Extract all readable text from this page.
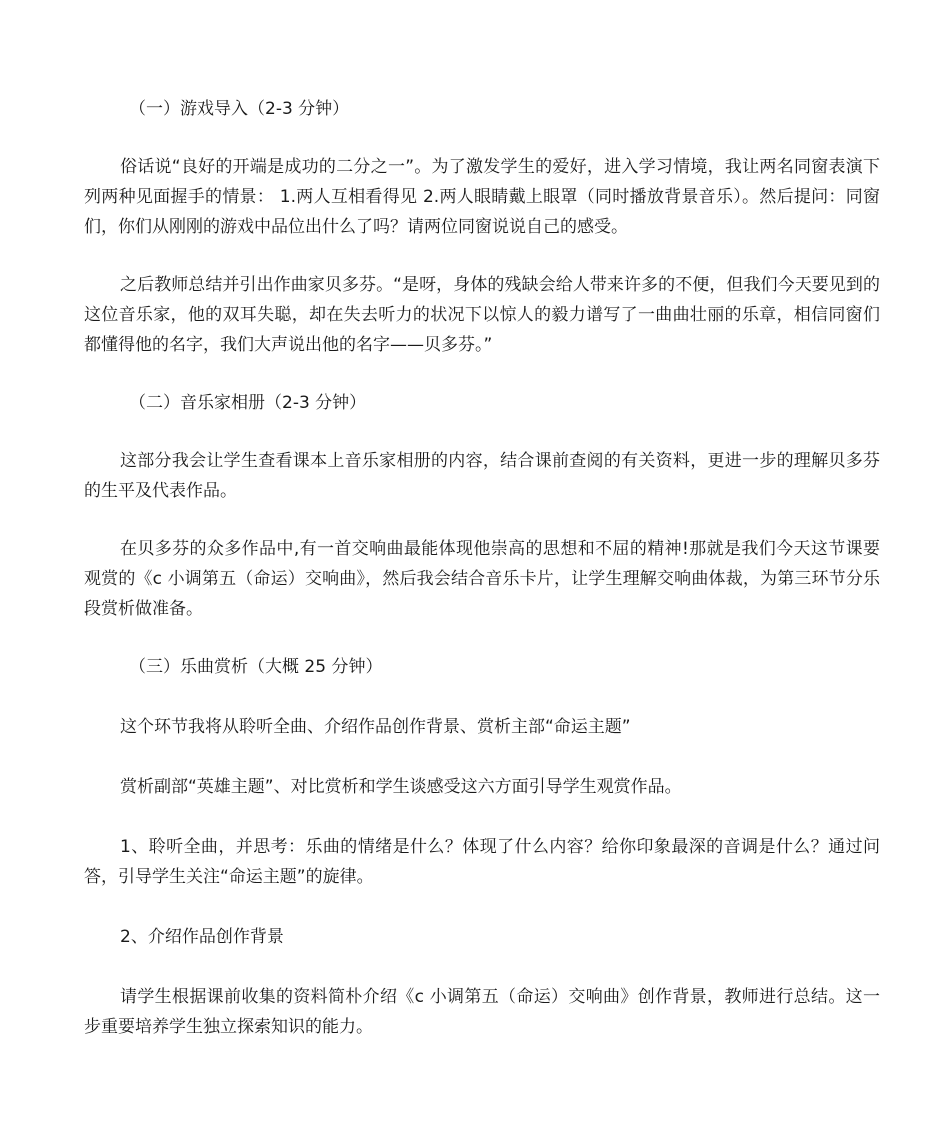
（一）游戏导入（2-3 分钟）

俗话说“良好的开端是成功的二分之一”。为了激发学生的爱好，进入学习情境，我让两名同窗表演下列两种见面握手的情景： 1.两人互相看得见 2.两人眼睛戴上眼罩（同时播放背景音乐）。然后提问：同窗们，你们从刚刚的游戏中品位出什么了吗？请两位同窗说说自己的感受。

之后教师总结并引出作曲家贝多芬。“是呀，身体的残缺会给人带来许多的不便，但我们今天要见到的这位音乐家，他的双耳失聪，却在失去听力的状况下以惊人的毅力谱写了一曲曲壮丽的乐章，相信同窗们都懂得他的名字，我们大声说出他的名字——贝多芬。”

（二）音乐家相册（2-3 分钟）

这部分我会让学生查看课本上音乐家相册的内容，结合课前查阅的有关资料，更进一步的理解贝多芬的生平及代表作品。

在贝多芬的众多作品中,有一首交响曲最能体现他崇高的思想和不屈的精神!那就是我们今天这节课要观赏的《c 小调第五（命运）交响曲》，然后我会结合音乐卡片，让学生理解交响曲体裁，为第三环节分乐段赏析做准备。

（三）乐曲赏析（大概 25 分钟）

这个环节我将从聆听全曲、介绍作品创作背景、赏析主部“命运主题”

赏析副部“英雄主题”、对比赏析和学生谈感受这六方面引导学生观赏作品。

1、聆听全曲，并思考：乐曲的情绪是什么？体现了什么内容？给你印象最深的音调是什么？通过问答，引导学生关注“命运主题”的旋律。

2、介绍作品创作背景

请学生根据课前收集的资料简朴介绍《c 小调第五（命运）交响曲》创作背景，教师进行总结。这一步重要培养学生独立探索知识的能力。
